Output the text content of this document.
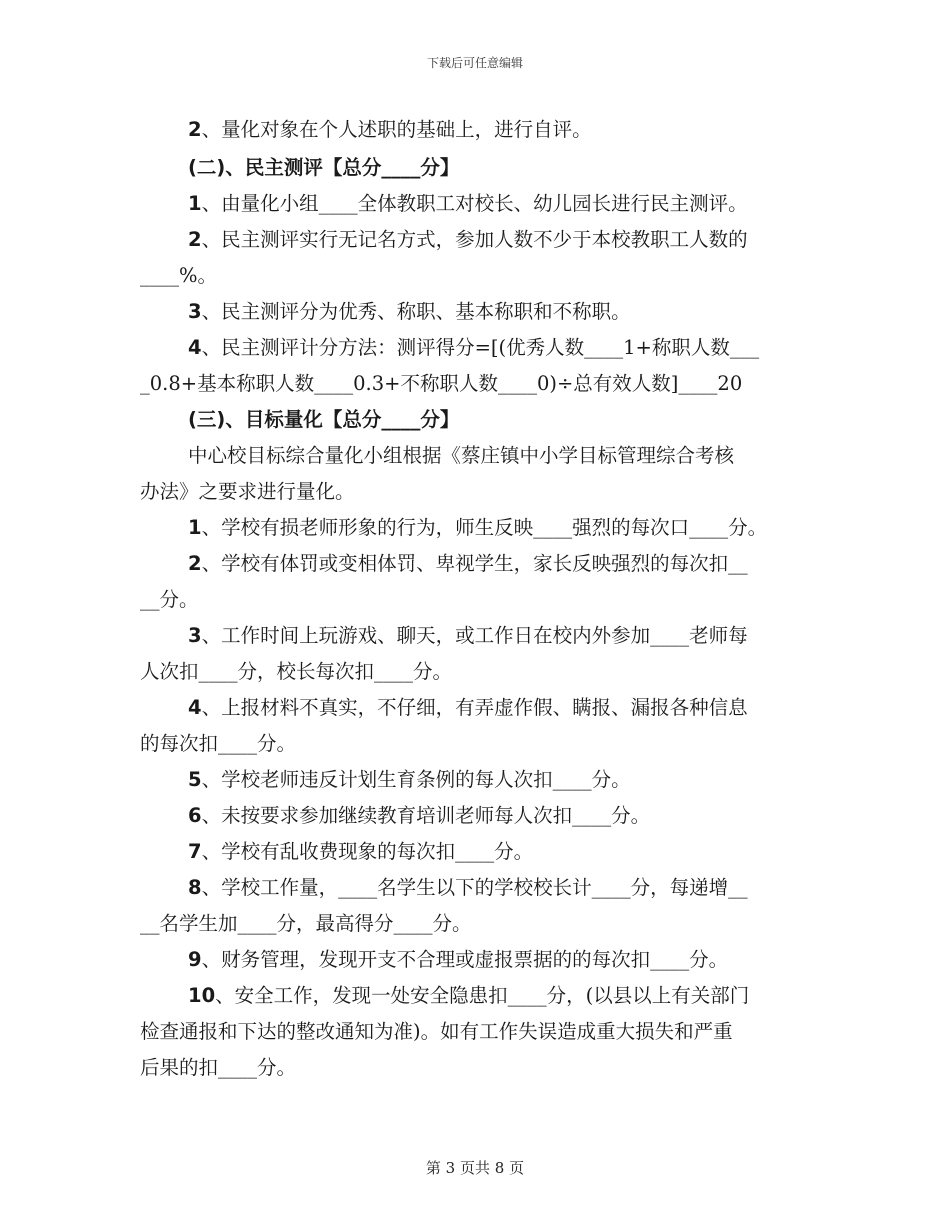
下载后可任意编辑

2、量化对象在个人述职的基础上，进行自评。

(二)、民主测评【总分____分】

1、由量化小组____全体教职工对校长、幼儿园长进行民主测评。

2、民主测评实行无记名方式，参加人数不少于本校教职工人数的

____%。

3、民主测评分为优秀、称职、基本称职和不称职。

4、民主测评计分方法：测评得分=[(优秀人数____1+称职人数___

_0.8+基本称职人数____0.3+不称职人数____0)÷总有效人数]____20

(三)、目标量化【总分____分】

中心校目标综合量化小组根据《蔡庄镇中小学目标管理综合考核

办法》之要求进行量化。

1、学校有损老师形象的行为，师生反映____强烈的每次口____分。

2、学校有体罚或变相体罚、卑视学生，家长反映强烈的每次扣__

__分。

3、工作时间上玩游戏、聊天，或工作日在校内外参加____老师每

人次扣____分，校长每次扣____分。

4、上报材料不真实，不仔细，有弄虚作假、瞒报、漏报各种信息

的每次扣____分。

5、学校老师违反计划生育条例的每人次扣____分。

6、未按要求参加继续教育培训老师每人次扣____分。

7、学校有乱收费现象的每次扣____分。

8、学校工作量，____名学生以下的学校校长计____分，每递增__

__名学生加____分，最高得分____分。

9、财务管理，发现开支不合理或虚报票据的的每次扣____分。

10、安全工作，发现一处安全隐患扣____分，(以县以上有关部门

检查通报和下达的整改通知为准)。如有工作失误造成重大损失和严重

后果的扣____分。

第 3 页共 8 页
